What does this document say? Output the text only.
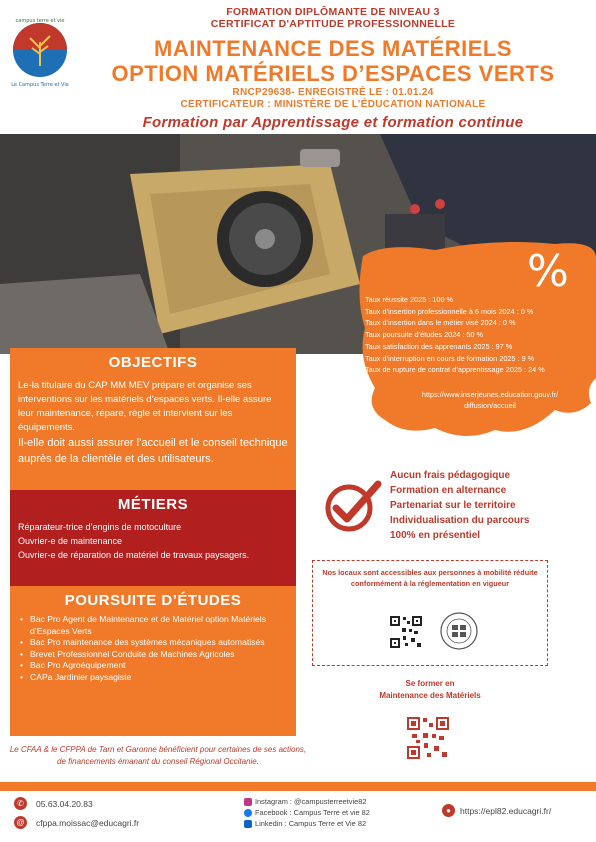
campus terre et vie
Le Campus Terre et Vie
FORMATION DIPLÔMANTE DE NIVEAU 3
CERTIFICAT D'APTITUDE PROFESSIONNELLE
MAINTENANCE DES MATÉRIELS
OPTION MATÉRIELS D’ESPACES VERTS
RNCP29638- ENREGISTRÉ LE : 01.01.24
CERTIFICATEUR : MINISTÈRE DE L’ÉDUCATION NATIONALE
Formation par Apprentissage et formation continue
%
Taux réussite 2025 : 100 %
Taux d’insertion professionnelle à 6 mois 2024 : 0 %
Taux d’insertion dans le métier visé 2024 : 0 %
Taux poursuite d’études 2024 : 50 %
Taux satisfaction des apprenants 2025 : 97 %
Taux d’interruption en cours de formation 2025 : 9 %
Taux de rupture de contrat d’apprentissage 2025 : 24 %
https://www.inserjeunes.education.gouv.fr/
diffusion/accueil
OBJECTIFS
Le-la titulaire du CAP MM MEV prépare et organise ses interventions sur les matériels d’espaces verts. Il-elle assure leur maintenance, répare, règle et intervient sur les équipements.
Il-elle doit aussi assurer l’accueil et le conseil technique auprès de la clientèle et des utilisateurs.
MÉTIERS
Réparateur-trice d’engins de motoculture
Ouvrier-e de maintenance
Ouvrier-e de réparation de matériel de travaux paysagers.
POURSUITE D’ÉTUDES
• Bac Pro Agent de Maintenance et de Matériel option Matériels d’Espaces Verts
• Bac Pro maintenance des systèmes mécaniques automatisés
• Brevet Professionnel Conduite de Machines Agricoles
• Bac Pro Agroéquipement
• CAPa Jardinier paysagiste
Le CFAA & le CFPPA de Tarn et Garonne bénéficient pour certaines de ses actions, de financements émanant du conseil Régional Occitanie.
Aucun frais pédagogique
Formation en alternance
Partenariat sur le territoire
Individualisation du parcours
100% en présentiel
Nos locaux sont accessibles aux personnes à mobilité réduite conformément à la réglementation en vigueur
Se former en
Maintenance des Matériels
✆	05.63.04.20.83
@ cfppa.moissac@educagri.fr
Instagram : @campusterreetvie82
Facebook : Campus Terre et vie 82
Linkedin : Campus Terre et Vie 82
●	https://epl82.educagri.fr/
